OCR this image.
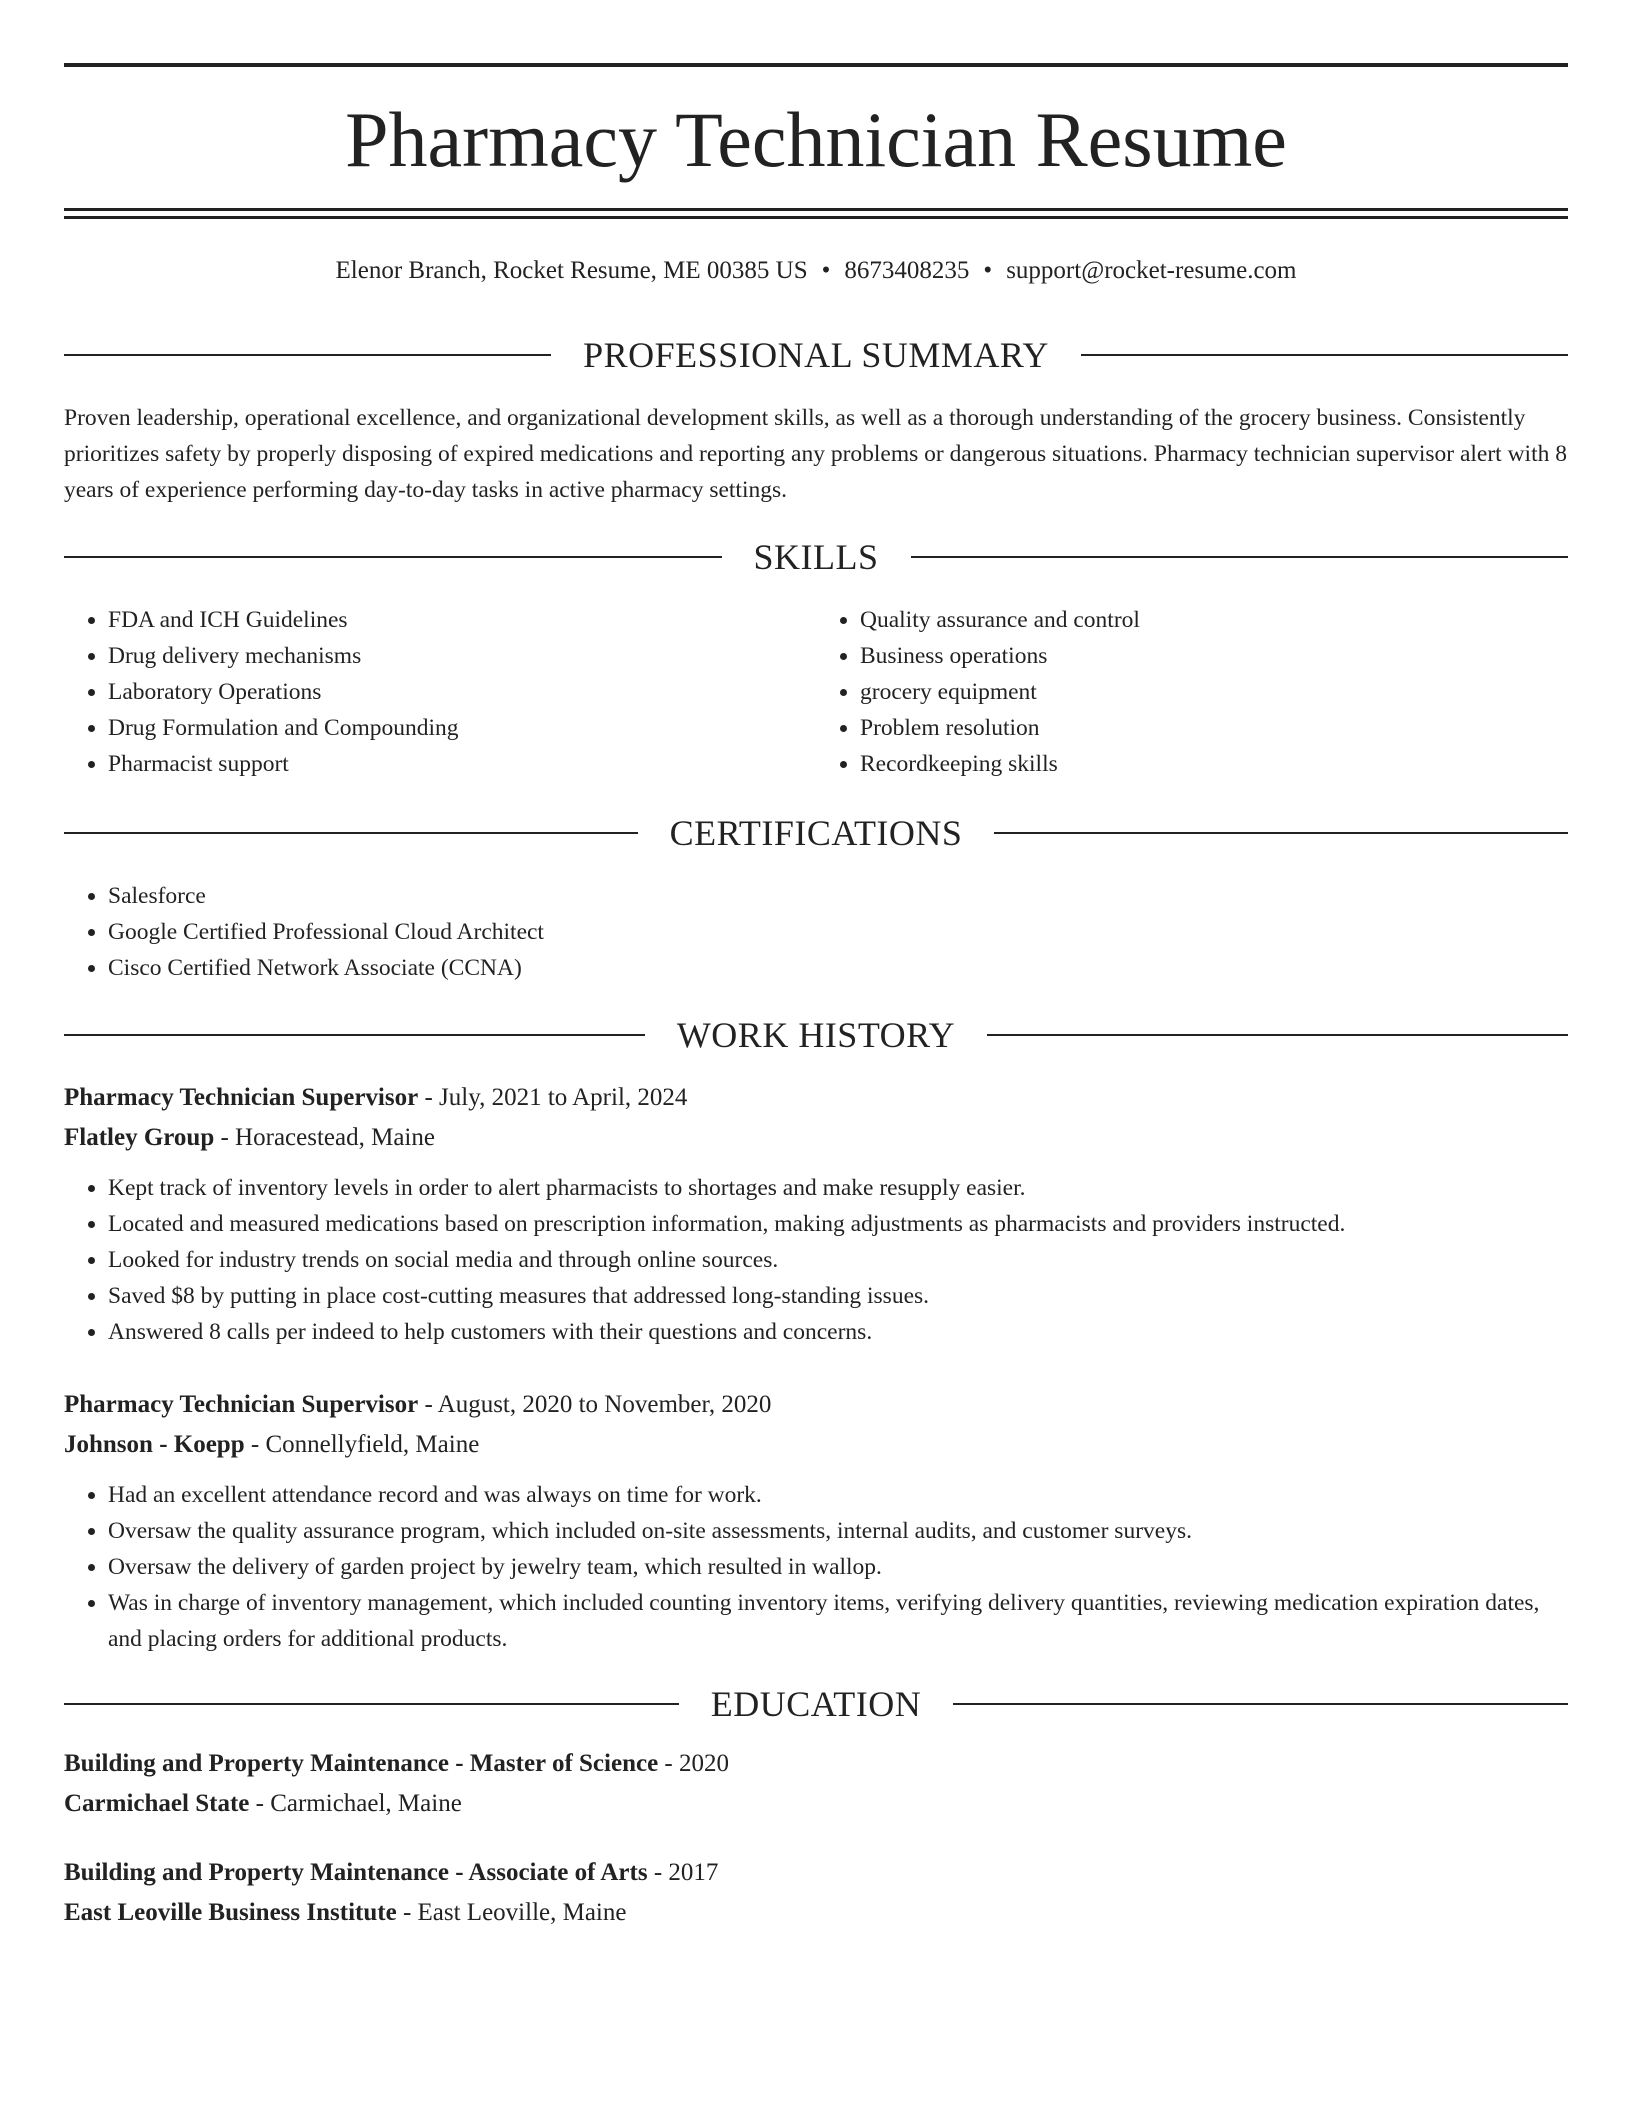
Pharmacy Technician Resume
Elenor Branch, Rocket Resume, ME 00385 US • 8673408235 • support@rocket-resume.com
PROFESSIONAL SUMMARY
Proven leadership, operational excellence, and organizational development skills, as well as a thorough understanding of the grocery business. Consistently prioritizes safety by properly disposing of expired medications and reporting any problems or dangerous situations. Pharmacy technician supervisor alert with 8 years of experience performing day-to-day tasks in active pharmacy settings.
SKILLS
• FDA and ICH Guidelines
• Drug delivery mechanisms
• Laboratory Operations
• Drug Formulation and Compounding
• Pharmacist support
• Quality assurance and control
• Business operations
• grocery equipment
• Problem resolution
• Recordkeeping skills
CERTIFICATIONS
• Salesforce
• Google Certified Professional Cloud Architect
• Cisco Certified Network Associate (CCNA)
WORK HISTORY
Pharmacy Technician Supervisor - July, 2021 to April, 2024
Flatley Group - Horacestead, Maine
• Kept track of inventory levels in order to alert pharmacists to shortages and make resupply easier.
• Located and measured medications based on prescription information, making adjustments as pharmacists and providers instructed.
• Looked for industry trends on social media and through online sources.
• Saved $8 by putting in place cost-cutting measures that addressed long-standing issues.
• Answered 8 calls per indeed to help customers with their questions and concerns.
Pharmacy Technician Supervisor - August, 2020 to November, 2020
Johnson - Koepp - Connellyfield, Maine
• Had an excellent attendance record and was always on time for work.
• Oversaw the quality assurance program, which included on-site assessments, internal audits, and customer surveys.
• Oversaw the delivery of garden project by jewelry team, which resulted in wallop.
• Was in charge of inventory management, which included counting inventory items, verifying delivery quantities, reviewing medication expiration dates, and placing orders for additional products.
EDUCATION
Building and Property Maintenance - Master of Science - 2020
Carmichael State - Carmichael, Maine
Building and Property Maintenance - Associate of Arts - 2017
East Leoville Business Institute - East Leoville, Maine
